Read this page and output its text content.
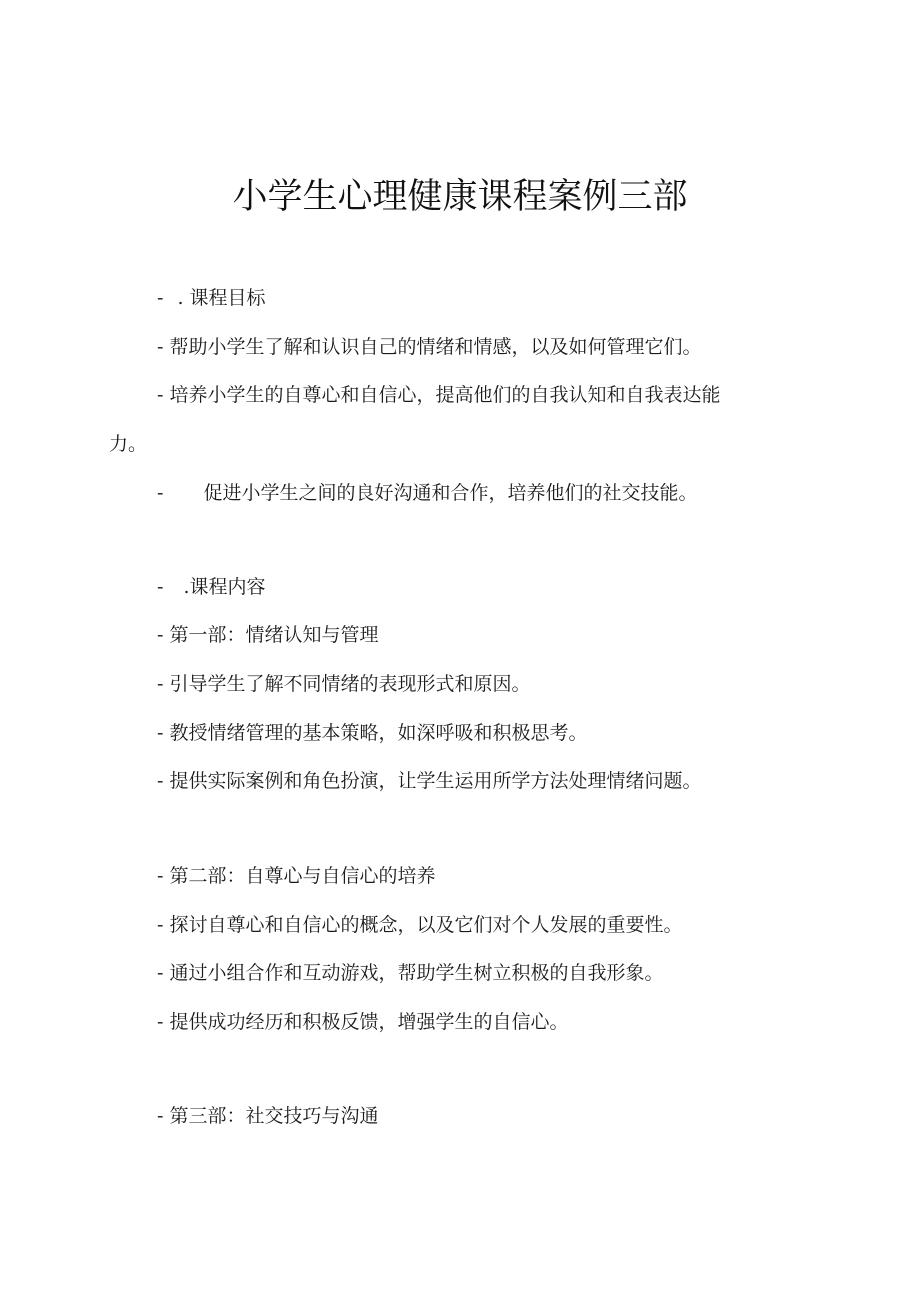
小学生心理健康课程案例三部
- . 课程目标
- 帮助小学生了解和认识自己的情绪和情感，以及如何管理它们。
- 培养小学生的自尊心和自信心，提高他们的自我认知和自我表达能
力。
- 促进小学生之间的良好沟通和合作，培养他们的社交技能。
- .课程内容
- 第一部：情绪认知与管理
- 引导学生了解不同情绪的表现形式和原因。
- 教授情绪管理的基本策略，如深呼吸和积极思考。
- 提供实际案例和角色扮演，让学生运用所学方法处理情绪问题。
- 第二部：自尊心与自信心的培养
- 探讨自尊心和自信心的概念，以及它们对个人发展的重要性。
- 通过小组合作和互动游戏，帮助学生树立积极的自我形象。
- 提供成功经历和积极反馈，增强学生的自信心。
- 第三部：社交技巧与沟通
